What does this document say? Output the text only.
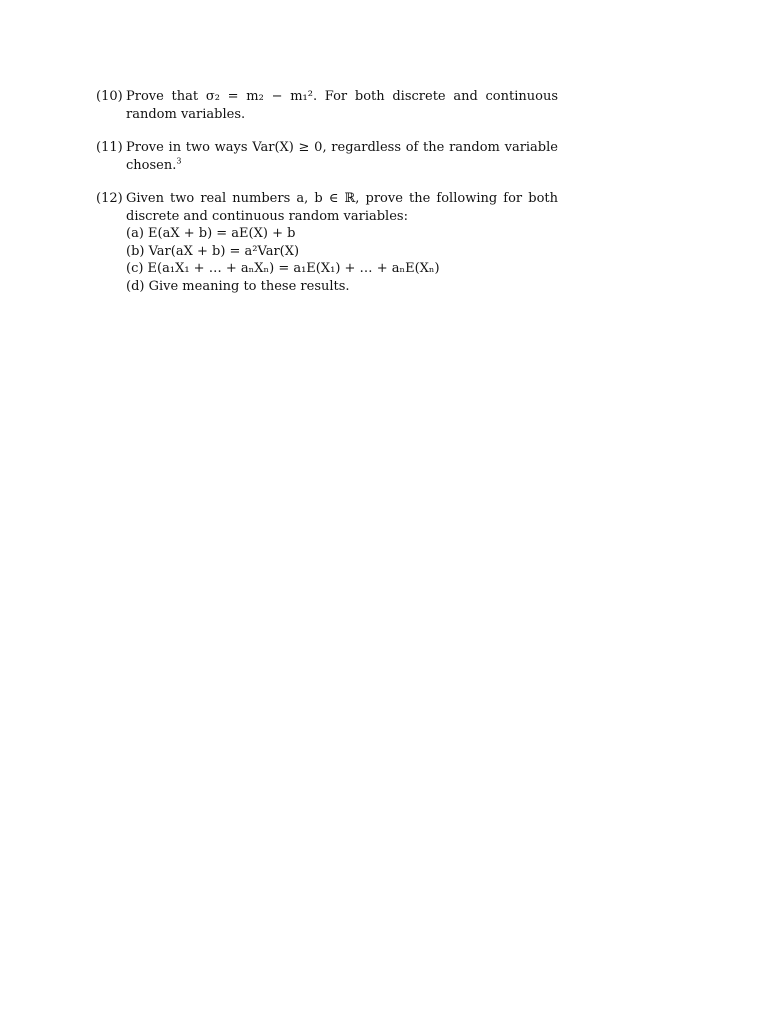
(10) Prove that σ₂ = m₂ − m₁². For both discrete and continuous random variables.
(11) Prove in two ways Var(X) ≥ 0, regardless of the random variable chosen.$^3$
(12) Given two real numbers a, b ∈ ℝ, prove the following for both discrete and continuous random variables:
(a) E(aX + b) = aE(X) + b
(b) Var(aX + b) = a²Var(X)
(c) E(a₁X₁ + … + aₙXₙ) = a₁E(X₁) + … + aₙE(Xₙ)
(d) Give meaning to these results.
